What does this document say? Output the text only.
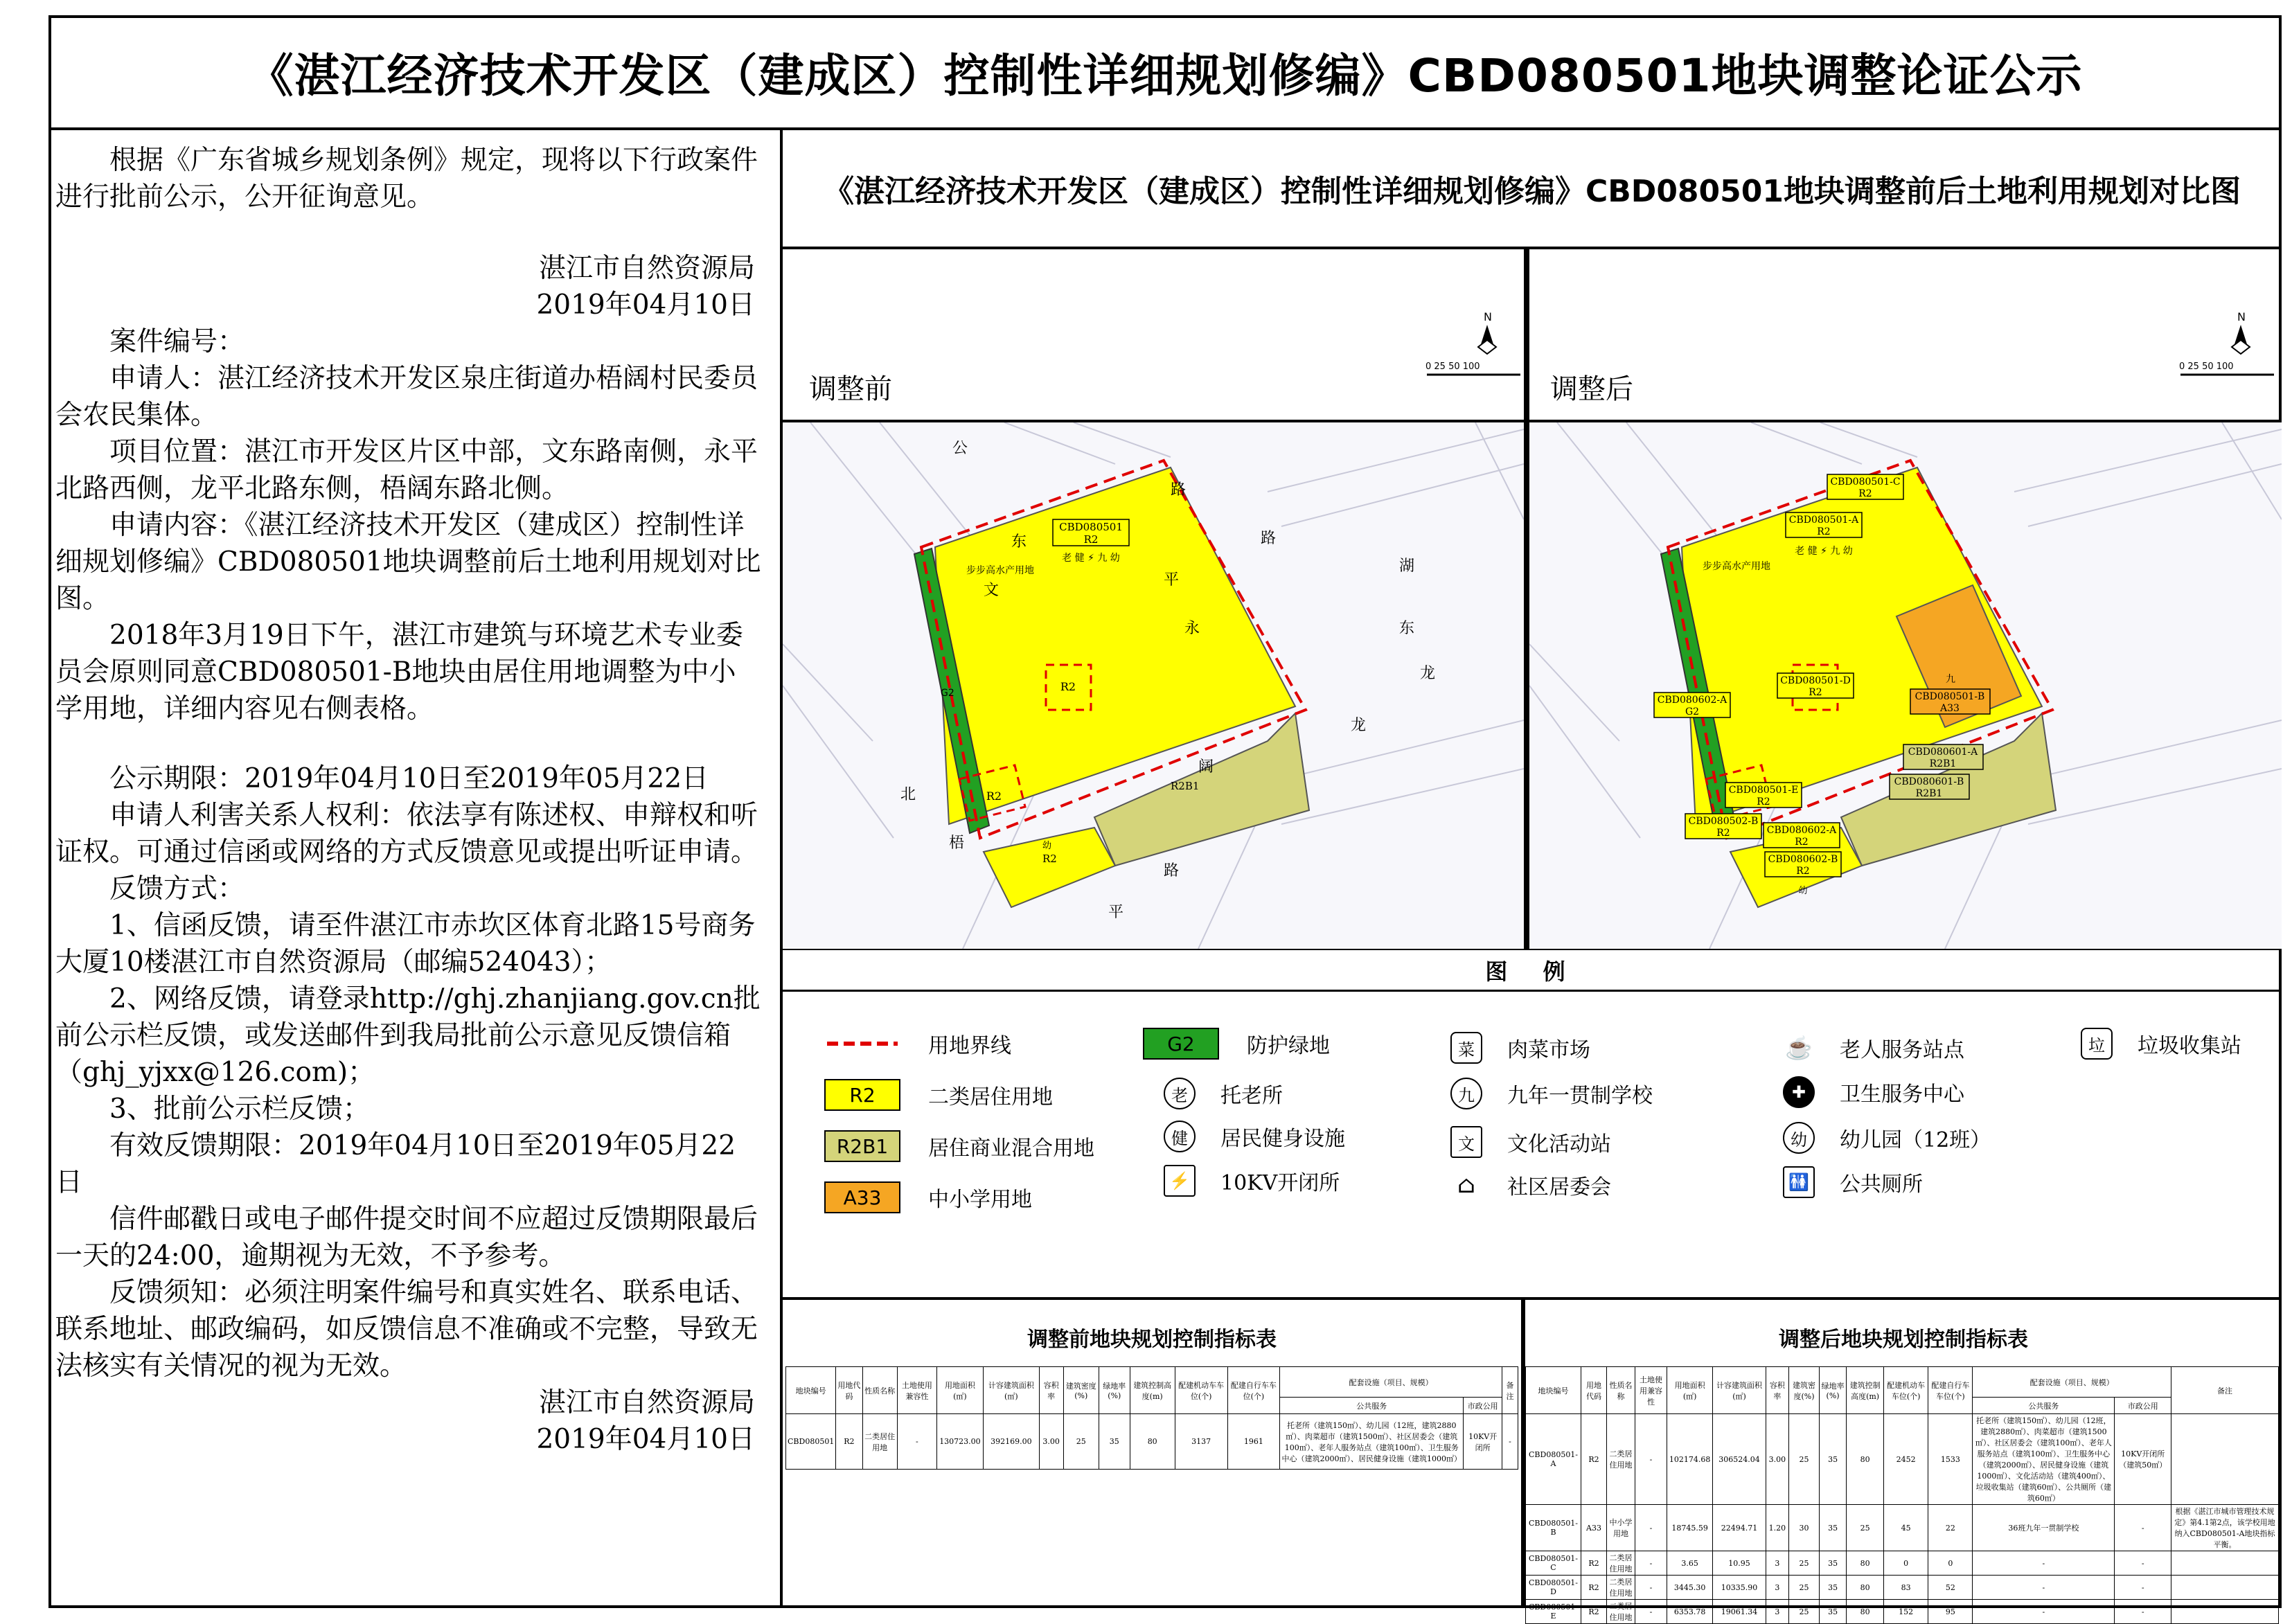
《湛江经济技术开发区（建成区）控制性详细规划修编》CBD080501地块调整论证公示

根据《广东省城乡规划条例》规定，现将以下行政案件进行批前公示，公开征询意见。

湛江市自然资源局

2019年04月10日

案件编号：

申请人：湛江经济技术开发区泉庄街道办梧阔村民委员会农民集体。

项目位置：湛江市开发区片区中部，文东路南侧，永平北路西侧，龙平北路东侧，梧阔东路北侧。

申请内容：《湛江经济技术开发区（建成区）控制性详细规划修编》CBD080501地块调整前后土地利用规划对比图。

2018年3月19日下午，湛江市建筑与环境艺术专业委员会原则同意CBD080501-B地块由居住用地调整为中小学用地，详细内容见右侧表格。

公示期限：2019年04月10日至2019年05月22日

申请人利害关系人权利：依法享有陈述权、申辩权和听证权。可通过信函或网络的方式反馈意见或提出听证申请。

反馈方式：

1、信函反馈，请至件湛江市赤坎区体育北路15号商务大厦10楼湛江市自然资源局（邮编524043）；

2、网络反馈，请登录http://ghj.zhanjiang.gov.cn批前公示栏反馈，或发送邮件到我局批前公示意见反馈信箱（ghj_yjxx@126.com)；

3、批前公示栏反馈；

有效反馈期限：2019年04月10日至2019年05月22日

信件邮戳日或电子邮件提交时间不应超过反馈期限最后一天的24:00，逾期视为无效，不予参考。

反馈须知：必须注明案件编号和真实姓名、联系电话、联系地址、邮政编码，如反馈信息不准确或不完整，导致无法核实有关情况的视为无效。

湛江市自然资源局

2019年04月10日

《湛江经济技术开发区（建成区）控制性详细规划修编》CBD080501地块调整前后土地利用规划对比图
调整前
N
0 25 50 100
CBD080501
R2
老 健 ⚡ 九 幼
步步高水产用地
R2
R2
G2
R2B1
幼
R2
调整后
N
0 25 50 100
CBD080501-C
R2
CBD080501-A
R2
老 健 ⚡ 九 幼
步步高水产用地
CBD080501-D
R2
九
CBD080501-B
A33
CBD080602-A
G2
CBD080601-A
R2B1
CBD080601-B
R2B1
CBD080501-E
R2
CBD080502-B
R2	CBD080602-A
R2
CBD080602-B
R2
幼
公
路
东
文
路
东
湖
龙
北
平
永
梧
阔
路
平
龙
图 例
用地界线
R2	二类居住用地
R2B1	居住商业混合用地
A33	中小学用地
G2	防护绿地
老	托老所
健	居民健身设施
⚡ 10KV开闭所
菜	肉菜市场
九	九年一贯制学校
文	文化活动站
⌂	社区居委会
☕ 老人服务站点
✚	卫生服务中心
幼	幼儿园（12班）
🚻 公共厕所
垃	垃圾收集站
调整前地块规划控制指标表
地块编号	用地代码	性质名称	土地使用兼容性	用地面积(㎡)	计容建筑面积(㎡)	容积率	建筑密度(%)	绿地率(%)	建筑控制高度(m)	配建机动车车位(个)	配建自行车车位(个)	配套设施（项目、规模）		备注
												公共服务	市政公用	
CBD080501	R2	二类居住用地	-	130723.00	392169.00	3.00	25	35	80	3137	1961	托老所（建筑150㎡）、幼儿园（12班，建筑2880㎡）、肉菜超市（建筑1500㎡）、社区居委会（建筑100㎡）、老年人服务站点（建筑100㎡）、卫生服务中心（建筑2000㎡）、居民健身设施（建筑1000㎡）	10KV开闭所	-
调整后地块规划控制指标表
地块编号	用地代码	性质名称	土地使用兼容性	用地面积(㎡)	计容建筑面积(㎡)	容积率	建筑密度(%)	绿地率(%)	建筑控制高度(m)	配建机动车车位(个)	配建自行车车位(个)	配套设施（项目、规模）		备注
												公共服务	市政公用	
CBD080501-A	R2	二类居住用地	-	102174.68	306524.04	3.00	25	35	80	2452	1533	托老所（建筑150㎡）、幼儿园（12班，建筑2880㎡）、肉菜超市（建筑1500㎡）、社区居委会（建筑100㎡）、老年人服务站点（建筑100㎡）、卫生服务中心（建筑2000㎡）、居民健身设施（建筑1000㎡）、文化活动站（建筑400㎡）、垃圾收集站（建筑60㎡）、公共厕所（建筑60㎡）	10KV开闭所（建筑50㎡）	
CBD080501-B	A33	中小学用地	-	18745.59	22494.71	1.20	30	35	25	45	22	36班九年一贯制学校	-	根据《湛江市城市管理技术规定》第4.1第2点，该学校用地纳入CBD080501-A地块指标平衡。
CBD080501-C	R2	二类居住用地	-	3.65	10.95	3	25	35	80	0	0	-	-	
CBD080501-D	R2	二类居住用地	-	3445.30	10335.90	3	25	35	80	83	52	-	-	
CBD080501-E	R2	二类居住用地	-	6353.78	19061.34	3	25	35	80	152	95	-	-	
